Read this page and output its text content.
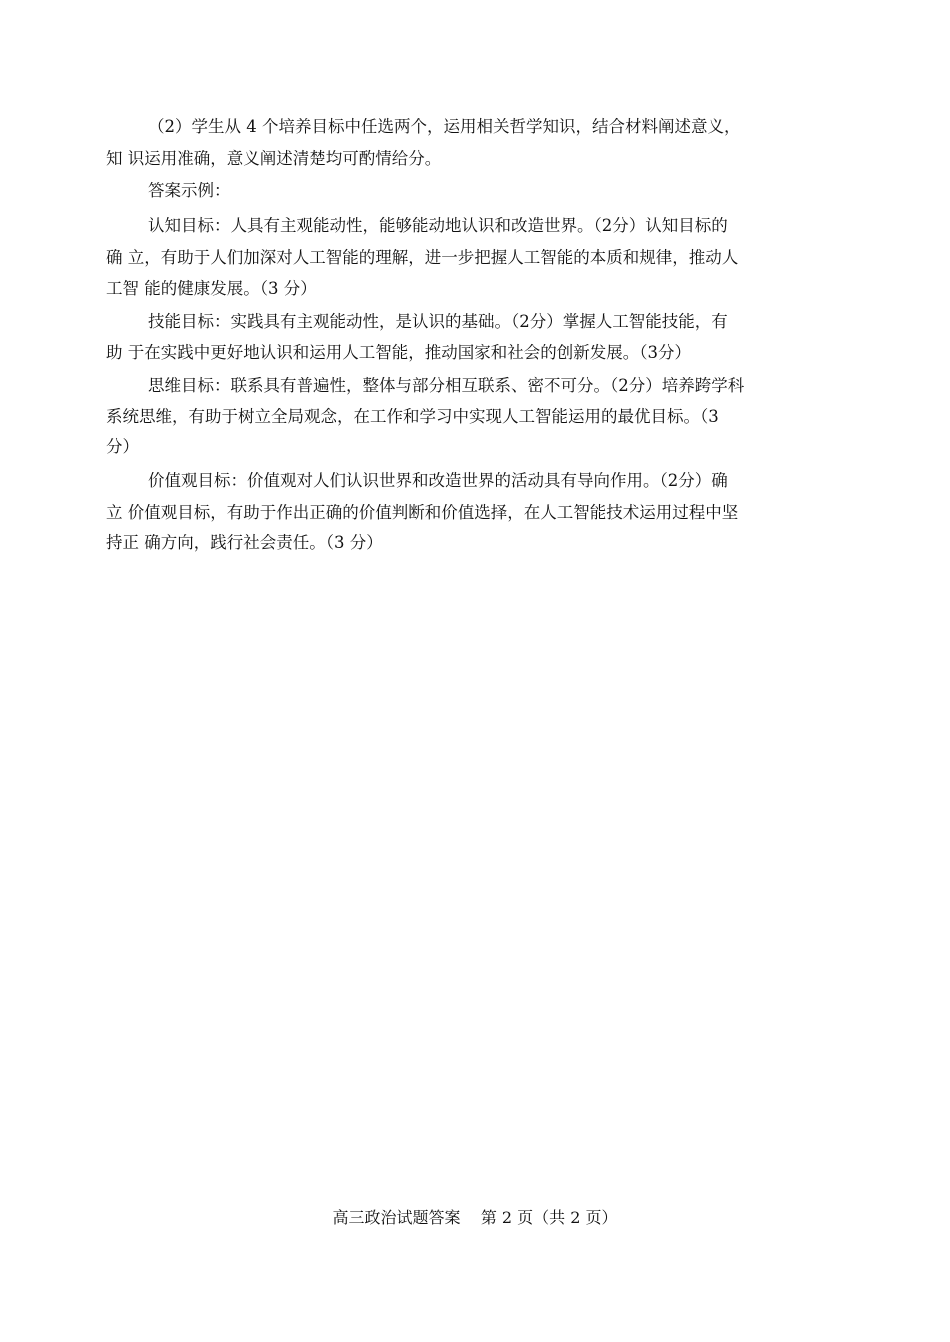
（2）学生从 4 个培养目标中任选两个，运用相关哲学知识，结合材料阐述意义，
知 识运用准确，意义阐述清楚均可酌情给分。
答案示例：
认知目标：人具有主观能动性，能够能动地认识和改造世界。（2分）认知目标的
确 立，有助于人们加深对人工智能的理解，进一步把握人工智能的本质和规律，推动人
工智 能的健康发展。（3 分）
技能目标：实践具有主观能动性，是认识的基础。（2分）掌握人工智能技能，有
助 于在实践中更好地认识和运用人工智能，推动国家和社会的创新发展。（3分）
思维目标：联系具有普遍性，整体与部分相互联系、密不可分。（2分）培养跨学科
系统思维，有助于树立全局观念，在工作和学习中实现人工智能运用的最优目标。（3
分）
价值观目标：价值观对人们认识世界和改造世界的活动具有导向作用。（2分）确
立 价值观目标，有助于作出正确的价值判断和价值选择，在人工智能技术运用过程中坚
持正 确方向，践行社会责任。（3 分）
高三政治试题答案    第 2 页（共 2 页）
